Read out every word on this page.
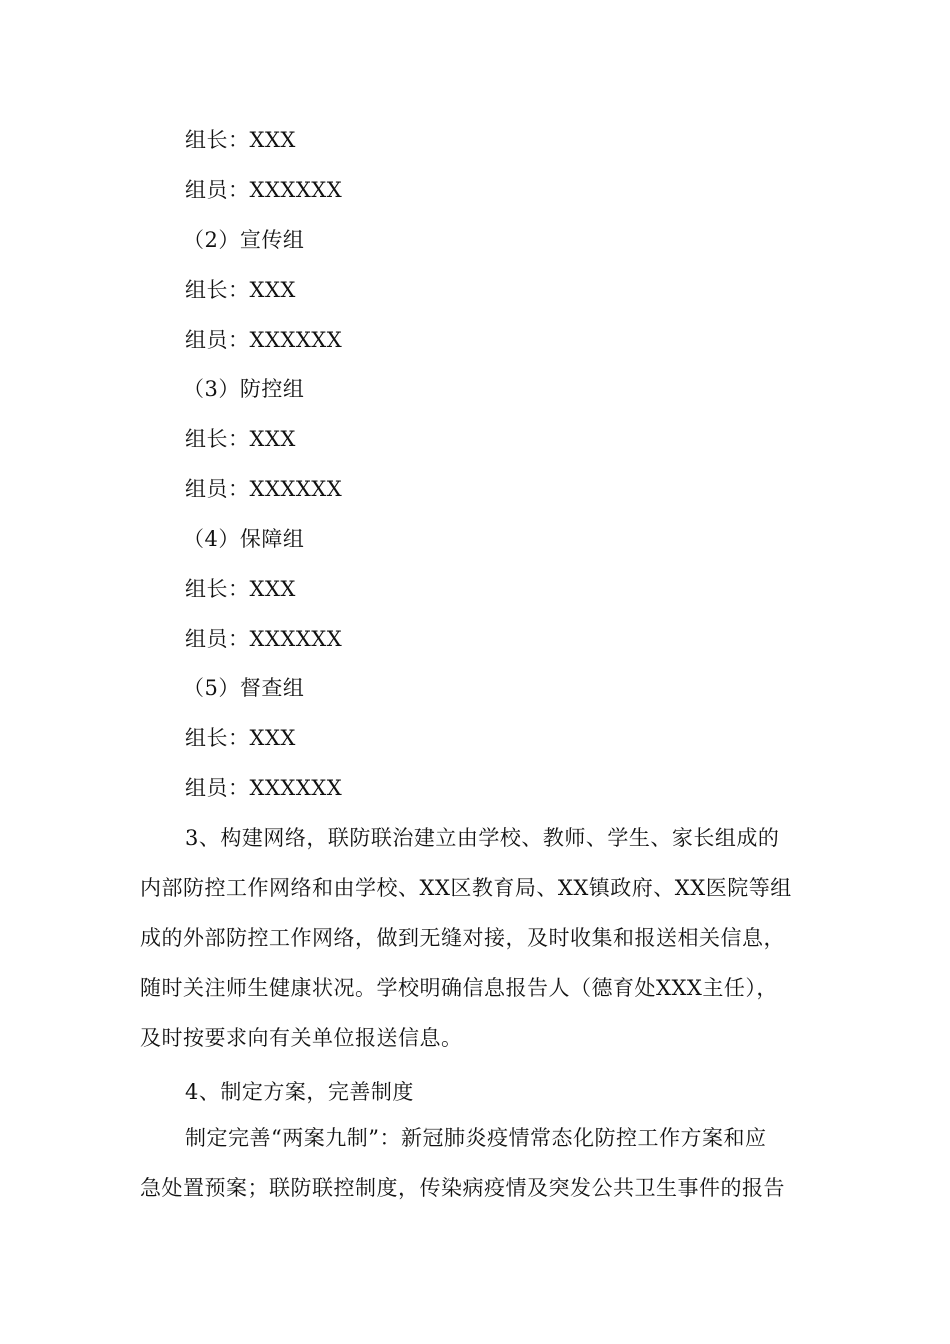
组长：XXX
组员：XXXXXX
（2）宣传组
组长：XXX
组员：XXXXXX
（3）防控组
组长：XXX
组员：XXXXXX
（4）保障组
组长：XXX
组员：XXXXXX
（5）督查组
组长：XXX
组员：XXXXXX
3、构建网络，联防联治建立由学校、教师、学生、家长组成的
内部防控工作网络和由学校、XX区教育局、XX镇政府、XX医院等组
成的外部防控工作网络，做到无缝对接，及时收集和报送相关信息，
随时关注师生健康状况。学校明确信息报告人（德育处XXX主任），
及时按要求向有关单位报送信息。
4、制定方案，完善制度
制定完善“两案九制”：新冠肺炎疫情常态化防控工作方案和应
急处置预案；联防联控制度，传染病疫情及突发公共卫生事件的报告
